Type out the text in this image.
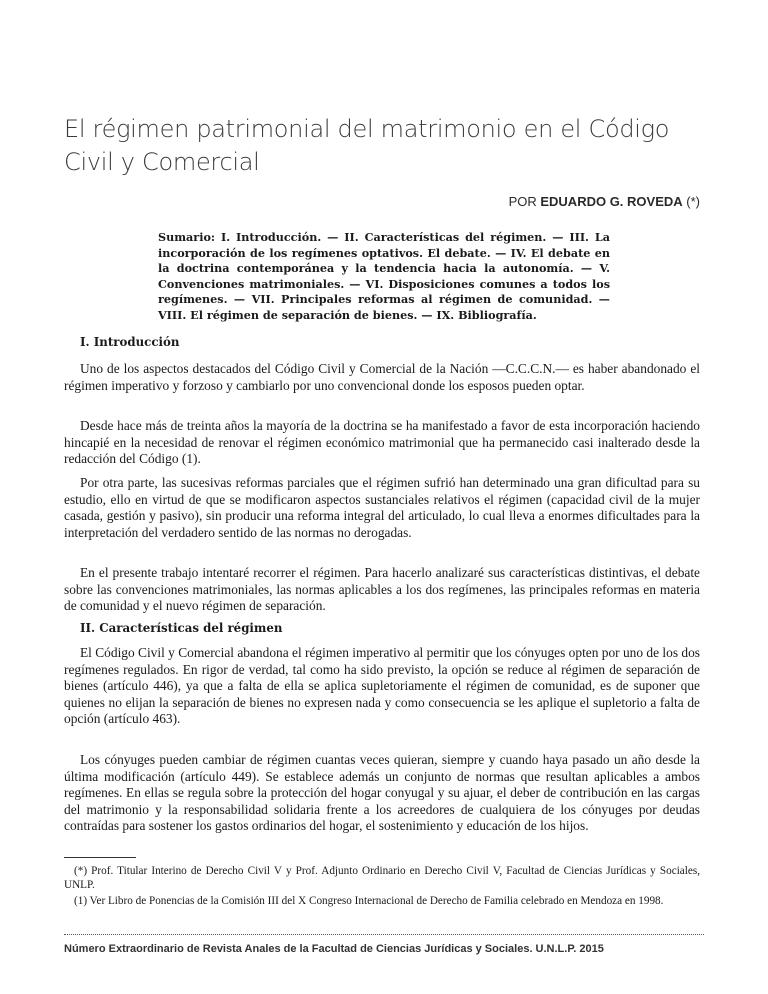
El régimen patrimonial del matrimonio en el Código Civil y Comercial
POR EDUARDO G. ROVEDA (*)

Sumario: I. Introducción. — II. Características del régimen. — III. La incorporación de los regímenes optativos. El debate. — IV. El debate en la doctrina contemporánea y la tendencia hacia la autonomía. — V. Convenciones matrimoniales. — VI. Disposiciones comunes a todos los regímenes. — VII. Principales reformas al régimen de comunidad. — VIII. El régimen de separación de bienes. — IX. Bibliografía.

I. Introducción

Uno de los aspectos destacados del Código Civil y Comercial de la Nación —C.C.C.N.— es haber abandonado el régimen imperativo y forzoso y cambiarlo por uno convencional donde los esposos pueden optar.

Desde hace más de treinta años la mayoría de la doctrina se ha manifestado a favor de esta incorporación haciendo hincapié en la necesidad de renovar el régimen económico matrimonial que ha permanecido casi inalterado desde la redacción del Código (1).

Por otra parte, las sucesivas reformas parciales que el régimen sufrió han determinado una gran dificultad para su estudio, ello en virtud de que se modificaron aspectos sustanciales relativos el régimen (capacidad civil de la mujer casada, gestión y pasivo), sin producir una reforma integral del articulado, lo cual lleva a enormes dificultades para la interpretación del verdadero sentido de las normas no derogadas.

En el presente trabajo intentaré recorrer el régimen. Para hacerlo analizaré sus características distintivas, el debate sobre las convenciones matrimoniales, las normas aplicables a los dos regímenes, las principales reformas en materia de comunidad y el nuevo régimen de separación.

II. Características del régimen

El Código Civil y Comercial abandona el régimen imperativo al permitir que los cónyuges opten por uno de los dos regímenes regulados. En rigor de verdad, tal como ha sido previsto, la opción se reduce al régimen de separación de bienes (artículo 446), ya que a falta de ella se aplica supletoriamente el régimen de comunidad, es de suponer que quienes no elijan la separación de bienes no expresen nada y como consecuencia se les aplique el supletorio a falta de opción (artículo 463).

Los cónyuges pueden cambiar de régimen cuantas veces quieran, siempre y cuando haya pasado un año desde la última modificación (artículo 449). Se establece además un conjunto de normas que resultan aplicables a ambos regímenes. En ellas se regula sobre la protección del hogar conyugal y su ajuar, el deber de contribución en las cargas del matrimonio y la responsabilidad solidaria frente a los acreedores de cualquiera de los cónyuges por deudas contraídas para sostener los gastos ordinarios del hogar, el sostenimiento y educación de los hijos.

(*) Prof. Titular Interino de Derecho Civil V y Prof. Adjunto Ordinario en Derecho Civil V, Facultad de Ciencias Jurídicas y Sociales, UNLP.

(1) Ver Libro de Ponencias de la Comisión III del X Congreso Internacional de Derecho de Familia celebrado en Mendoza en 1998.

Número Extraordinario de Revista Anales de la Facultad de Ciencias Jurídicas y Sociales. U.N.L.P. 2015
